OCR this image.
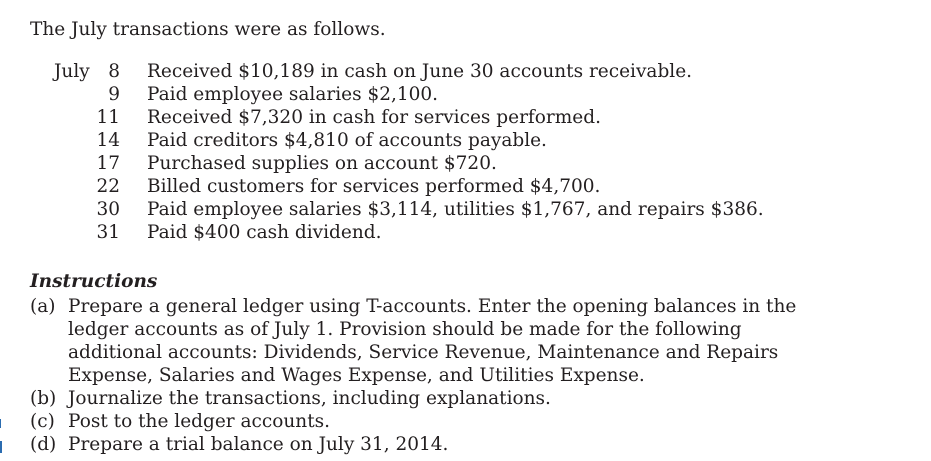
The July transactions were as follows.
July	8 Received $10,189 in cash on June 30 accounts receivable.
9 Paid employee salaries $2,100.
11 Received $7,320 in cash for services performed.
14 Paid creditors $4,810 of accounts payable.
17 Purchased supplies on account $720.
22 Billed customers for services performed $4,700.
30 Paid employee salaries $3,114, utilities $1,767, and repairs $386.
31 Paid $400 cash dividend.
Instructions
(a) Prepare a general ledger using T-accounts. Enter the opening balances in the ledger accounts as of July 1. Provision should be made for the following additional accounts: Dividends, Service Revenue, Maintenance and Repairs Expense, Salaries and Wages Expense, and Utilities Expense.
(b) Journalize the transactions, including explanations.
(c) Post to the ledger accounts.
(d) Prepare a trial balance on July 31, 2014.
